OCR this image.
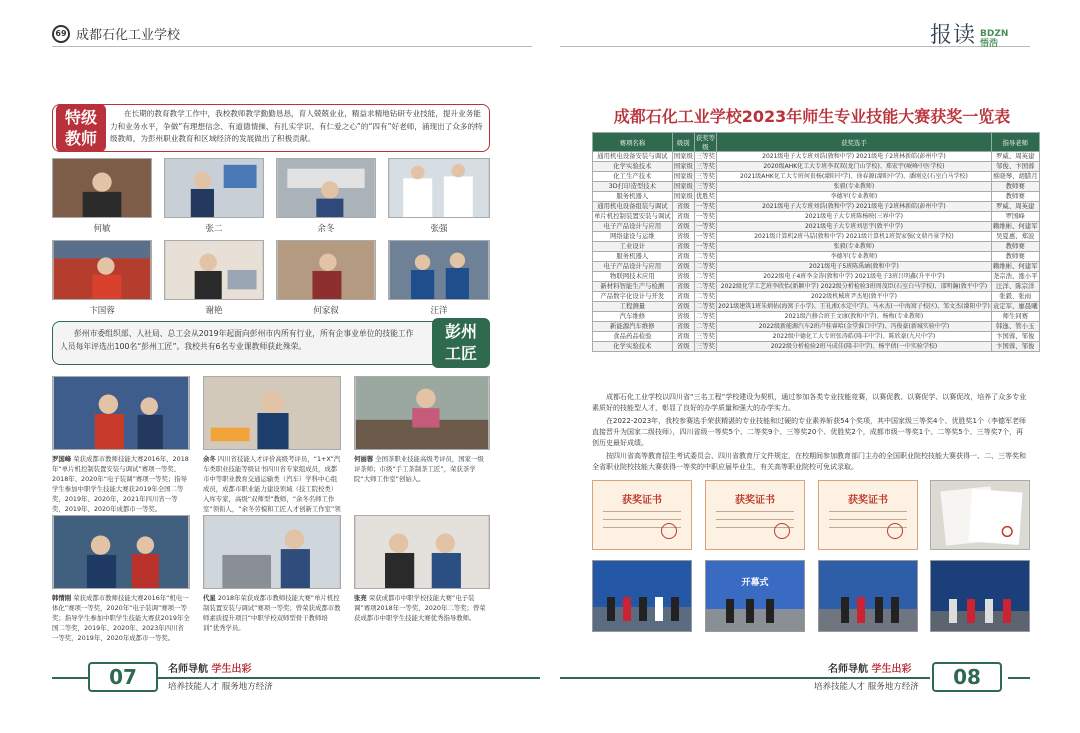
69 成都石化工业学校	报读 BDZN
悟浩
特级
教师
在长期的教育教学工作中，我校教师教学勤勤恳恳，育人兢兢业业，精益求精地钻研专业技能，提升业务能力和业务水平，争做“有理想信念、有道德情操、有扎实学识、有仁爱之心”的“四有”好老师，涌现出了众多的特级教师，为彭州职业教育和区域经济的发展做出了积极贡献。
何敏	张二	余冬	张强
卞国蓉	谢艳	何家叙	汪洋
彭州市委组织部、人社局、总工会从2019年起面向彭州市内所有行业，所有企事业单位的技能工作人员每年评选出100名“彭州工匠”。我校共有6名专业课教师获此殊荣。
彭州
工匠
罗国峰 荣获成都市教师技能大赛2016年、2018年“单片机控制装置安装与调试”赛项一等奖、2018年、2020年“电子装调”赛项一等奖；指导学生参加中职学生技能大赛获2019年全国二等奖，2019年、2020年，2021年四川省一等奖，2019年、2020年成都市一等奖。
余冬 四川省技能人才评价高级考评员，“1+X”汽车类职业技能等级证书四川省专家组成员，成都市中等职业教育交通运输类（汽车）学科中心组成员，成都市职业能力建设领域（技工院校类）入库专家，高级“双师型”教师，“余冬名师工作室”领衔人，“余冬劳模和工匠人才创新工作室”领
何丽蓉 全国茶职业技能高级考评员，国家一级评茶师；市级“手工茶制茶工匠”，荣获茶学院“大师工作室”创始人。
韩情刚 荣获成都市教师技能大赛2016年“机电一体化”赛项一等奖，2020年“电子装调”赛项一等奖；指导学生参加中职学生技能大赛获2019年全国二等奖，2019年、2020年、2023年四川省一等奖，2019年、2020年成都市一等奖。
代星 2018年荣获成都市教师技能大赛“单片机控制装置安装与调试”赛项一等奖；曾荣获成都市教师素质提升项目“中职学校双师型骨干教师培训”优秀学员。
张亮 荣获成都市中职学校技能大赛“电子装调”赛项2018年一等奖、2020年二等奖；曾荣获成都市中职学生技能大赛优秀指导教师。
07	名师导航 学生出彩
培养技能人才 服务地方经济
成都石化工业学校2023年师生专业技能大赛获奖一览表
赛项名称	级别	获奖等级	获奖选手	指导老师
通用机电设备安装与调试	国家级	三等奖	2021级电子大专班刘浩(敦和中学) 2021级电子2班林新皓(彭州中学)	罗威、周英建
化学实验技术	国家级	三等奖	2020级AHK化工大专班李双双(龙门山学校)、郑宏宇(岷峰中医学校)	邹俊、卞国蓉
化工生产技术	国家级	三等奖	2021级AHK化工大专班何贵杨(濛阳中学)、徐春源(濛阳中学)、潘刚克(石室白马学校)	蔡晓琴、胡腊月
3D打印造型技术	国家级	三等奖	张毅(专业教师)	教师赛
服务机器人	国家级	优胜奖	李德军(专业教师)	教师赛
通用机电设备组装与调试	省级	一等奖	2021级电子大专班刘浩(敦和中学) 2021级电子2班林新皓(彭州中学)	罗威、周英建
单片机控制装置安装与调试	省级	一等奖	2021级电子大专班陈杨映(三界中学)	罗国峰
电子产品设计与应用	省级	一等奖	2021级电子大专班刘思宇(敦平中学)	赖维彬、何建军
网络建设与运维	省级	一等奖	2021级计算机2班马喆(敦和中学) 2021级计算机1班贺家强(文鼎丹景学校)	吴夏惠、郑波
工业设计	省级	一等奖	张毅(专业教师)	教师赛
服务机器人	省级	二等奖	李德军(专业教师)	教师赛
电子产品设计与应用	省级	二等奖	2021级电子5班陈禹涵(敦和中学)	赖维彬、何建军
物联网技术应用	省级	二等奖	2022级电子4班李金涛(敦和中学) 2021级电子3班吕明鑫(升平中学)	尧宗浩、涨小平
新材料智能生产与检测	省级	二等奖	2022级化学工艺班李欣怡(新颖中学) 2022级分析检验3班周茂臣(石室白马学校)、邵明瀚(敦平中学)	汪洋、陈宗洋
产品数字化设计与开发	省级	二等奖	2022级机械班尹杰旭(敦平中学)	张毅、张雨
工程测量	省级	二等奖	2021级建筑1班朱炳佑(海窝子小学)、王礼淞(水定中学)、马永杰(一中海窝子校区)、邹文杰(濛阳中学)	袁定军、廖晨曦
汽车维修	省级	二等奖	2021级汽修合班王文康(敦和中学)、杨梅(专业教师)	师生同赛
新能源汽车维修	省级	二等奖	2022级新能源汽车2班卢桂睿哈(金堂淮口中学)、冯俊豪(新城实验中学)	韩逸、管小玉
食品药品检验	省级	三等奖	2022级中德化工大专班张涛皓(隆丰中学)、陈欣豪(九尺中学)	卞国蓉、邹俊
化学实验技术	省级	三等奖	2022级分析检验2班马成佳(隆丰中学)、杨宇倩(一中实验学校)	卞国蓉、邹俊

成都石化工业学校以四川省“三名工程”学校建设为契机，通过参加各类专业技能竞赛，以赛促教、以赛促学、以赛促改，培养了众多专业素质好的技能型人才，彰显了良好的办学质量和强大的办学实力。

在2022-2023年，我校参赛选手荣获精湛的专业技能和过硬的专业素养斩获54个奖项，其中国家级三等奖4个、优胜奖1个（李德军老师直接晋升为国家二级技师），四川省级一等奖5个、二等奖9个、三等奖20个、优胜奖2个，成都市级一等奖1个、二等奖5个、三等奖7个，再创历史最好成绩。

按四川省高等教育招生考试委员会、四川省教育厅文件规定，在校期间参加教育部门主办的全国职业院校技能大赛获得一、二、三等奖和全省职业院校技能大赛获得一等奖的中职应届毕业生，有关高等职业院校可免试录取。

获奖证书	获奖证书	获奖证书
开幕式
名师导航 学生出彩
培养技能人才 服务地方经济	08
